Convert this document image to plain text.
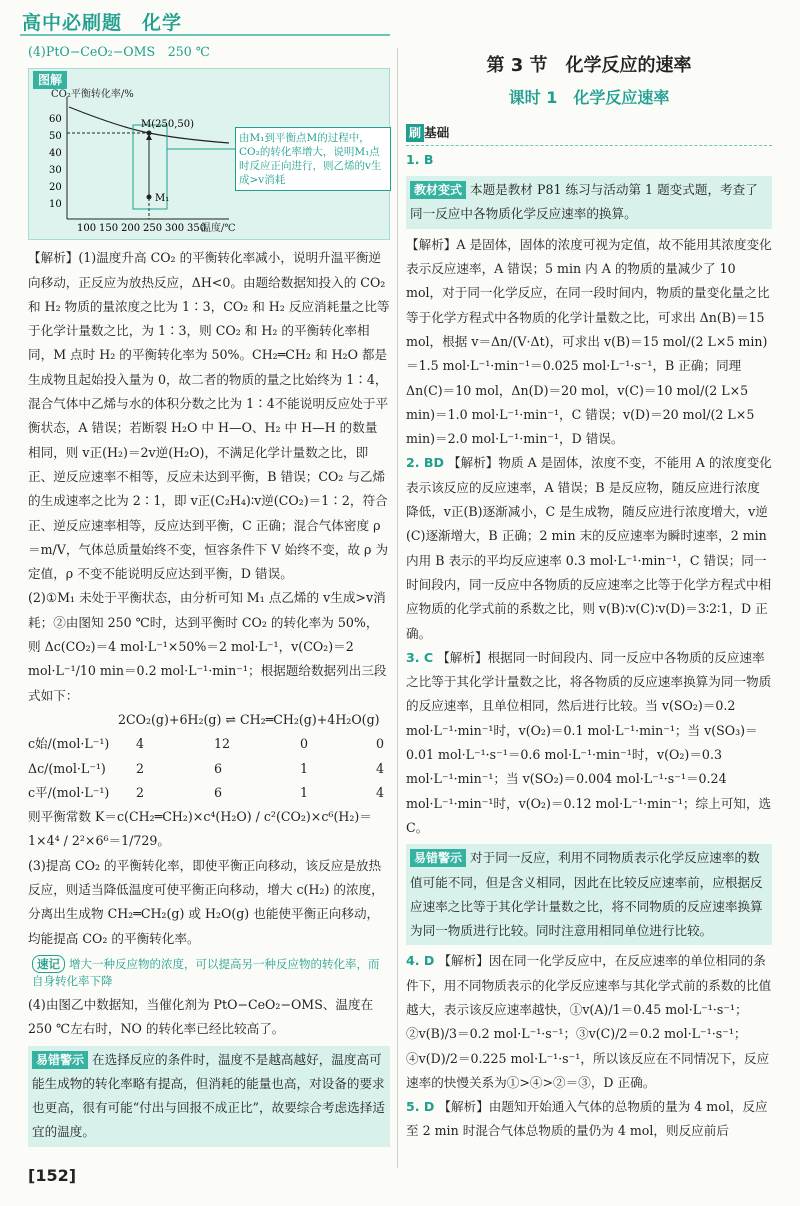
高中必刷题　化学

(4)PtO−CeO₂−OMS　250 ℃

图解
CO₂平衡转化率/%
温度/℃
60
50
40
30
20
10
100 150 200 250 300 350
M(250,50)
M₁
由M₁到平衡点M的过程中，CO₂的转化率增大，说明M₁点时反应正向进行，则乙烯的v生成>v消耗

【解析】(1)温度升高 CO₂ 的平衡转化率减小，说明升温平衡逆向移动，正反应为放热反应，ΔH<0。由题给数据知投入的 CO₂ 和 H₂ 物质的量浓度之比为 1∶3，CO₂ 和 H₂ 反应消耗量之比等于化学计量数之比，为 1∶3，则 CO₂ 和 H₂ 的平衡转化率相同，M 点时 H₂ 的平衡转化率为 50%。CH₂═CH₂ 和 H₂O 都是生成物且起始投入量为 0，故二者的物质的量之比始终为 1∶4，混合气体中乙烯与水的体积分数之比为 1∶4不能说明反应处于平衡状态，A 错误；若断裂 H₂O 中 H—O、H₂ 中 H—H 的数量相同，则 v正(H₂)＝2v逆(H₂O)，不满足化学计量数之比，即正、逆反应速率不相等，反应未达到平衡，B 错误；CO₂ 与乙烯的生成速率之比为 2∶1，即 v正(C₂H₄)∶v逆(CO₂)＝1∶2，符合正、逆反应速率相等，反应达到平衡，C 正确；混合气体密度 ρ＝m/V，气体总质量始终不变，恒容条件下 V 始终不变，故 ρ 为定值，ρ 不变不能说明反应达到平衡，D 错误。

(2)①M₁ 未处于平衡状态，由分析可知 M₁ 点乙烯的 v生成>v消耗；②由图知 250 ℃时，达到平衡时 CO₂ 的转化率为 50%，则 Δc(CO₂)＝4 mol·L⁻¹×50%＝2 mol·L⁻¹，v(CO₂)＝2 mol·L⁻¹/10 min＝0.2 mol·L⁻¹·min⁻¹；根据题给数据列出三段式如下：

2CO₂(g)+6H₂(g) ⇌ CH₂═CH₂(g)+4H₂O(g)

c始/(mol·L⁻¹) 4	12	0	0
Δc/(mol·L⁻¹) 2	6	1	4
c平/(mol·L⁻¹) 2	6	1	4

则平衡常数 K＝c(CH₂═CH₂)×c⁴(H₂O) / c²(CO₂)×c⁶(H₂)＝1×4⁴ / 2²×6⁶＝1/729。

(3)提高 CO₂ 的平衡转化率，即使平衡正向移动，该反应是放热反应，则适当降低温度可使平衡正向移动，增大 c(H₂) 的浓度，分离出生成物 CH₂═CH₂(g) 或 H₂O(g) 也能使平衡正向移动，均能提高 CO₂ 的平衡转化率。

速记 增大一种反应物的浓度，可以提高另一种反应物的转化率，而自身转化率下降

(4)由图乙中数据知，当催化剂为 PtO−CeO₂−OMS、温度在 250 ℃左右时，NO 的转化率已经比较高了。

易错警示 在选择反应的条件时，温度不是越高越好，温度高可能生成物的转化率略有提高，但消耗的能量也高，对设备的要求也更高，很有可能“付出与回报不成正比”，故要综合考虑选择适宜的温度。
第 3 节　化学反应的速率
课时 1　化学反应速率
刷 基础

1. B

教材变式 本题是教材 P81 练习与活动第 1 题变式题，考查了同一反应中各物质化学反应速率的换算。

【解析】A 是固体，固体的浓度可视为定值，故不能用其浓度变化表示反应速率，A 错误；5 min 内 A 的物质的量减少了 10 mol，对于同一化学反应，在同一段时间内，物质的量变化量之比等于化学方程式中各物质的化学计量数之比，可求出 Δn(B)＝15 mol，根据 v＝Δn/(V·Δt)，可求出 v(B)＝15 mol/(2 L×5 min)＝1.5 mol·L⁻¹·min⁻¹＝0.025 mol·L⁻¹·s⁻¹，B 正确；同理 Δn(C)＝10 mol，Δn(D)＝20 mol，v(C)＝10 mol/(2 L×5 min)＝1.0 mol·L⁻¹·min⁻¹，C 错误；v(D)＝20 mol/(2 L×5 min)＝2.0 mol·L⁻¹·min⁻¹，D 错误。

2. BD 【解析】物质 A 是固体，浓度不变，不能用 A 的浓度变化表示该反应的反应速率，A 错误；B 是反应物，随反应进行浓度降低，v正(B)逐渐减小，C 是生成物，随反应进行浓度增大，v逆(C)逐渐增大，B 正确；2 min 末的反应速率为瞬时速率，2 min 内用 B 表示的平均反应速率 0.3 mol·L⁻¹·min⁻¹，C 错误；同一时间段内，同一反应中各物质的反应速率之比等于化学方程式中相应物质的化学式前的系数之比，则 v(B)∶v(C)∶v(D)＝3∶2∶1，D 正确。

3. C 【解析】根据同一时间段内、同一反应中各物质的反应速率之比等于其化学计量数之比，将各物质的反应速率换算为同一物质的反应速率，且单位相同，然后进行比较。当 v(SO₂)＝0.2 mol·L⁻¹·min⁻¹时，v(O₂)＝0.1 mol·L⁻¹·min⁻¹；当 v(SO₃)＝0.01 mol·L⁻¹·s⁻¹＝0.6 mol·L⁻¹·min⁻¹时，v(O₂)＝0.3 mol·L⁻¹·min⁻¹；当 v(SO₂)＝0.004 mol·L⁻¹·s⁻¹＝0.24 mol·L⁻¹·min⁻¹时，v(O₂)＝0.12 mol·L⁻¹·min⁻¹；综上可知，选 C。

易错警示 对于同一反应，利用不同物质表示化学反应速率的数值可能不同，但是含义相同，因此在比较反应速率前，应根据反应速率之比等于其化学计量数之比，将不同物质的反应速率换算为同一物质进行比较。同时注意用相同单位进行比较。

4. D 【解析】因在同一化学反应中，在反应速率的单位相同的条件下，用不同物质表示的化学反应速率与其化学式前的系数的比值越大，表示该反应速率越快，①v(A)/1＝0.45 mol·L⁻¹·s⁻¹；②v(B)/3＝0.2 mol·L⁻¹·s⁻¹；③v(C)/2＝0.2 mol·L⁻¹·s⁻¹；④v(D)/2＝0.225 mol·L⁻¹·s⁻¹，所以该反应在不同情况下，反应速率的快慢关系为①>④>②＝③，D 正确。

5. D 【解析】由题知开始通入气体的总物质的量为 4 mol，反应至 2 min 时混合气体总物质的量仍为 4 mol，则反应前后

[152]
